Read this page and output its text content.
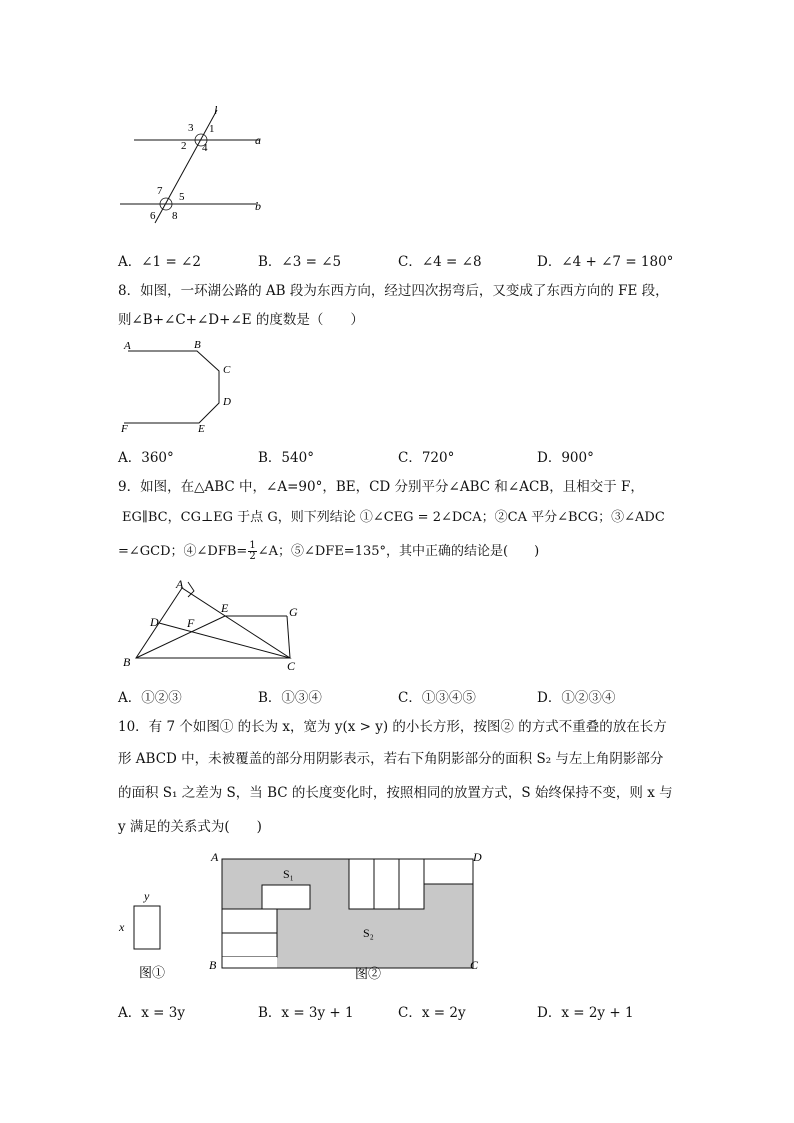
l
a
b
1
2
3
4
5
6
7
8
A．∠1 = ∠2	B．∠3 = ∠5	C．∠4 = ∠8	D．∠4 + ∠7 = 180°
8．如图，一环湖公路的 AB 段为东西方向，经过四次拐弯后，又变成了东西方向的 FE 段，
则∠B+∠C+∠D+∠E 的度数是（　　）
A	B
C
D
E
F
A．360°	B．540°	C．720°	D．900°
9．如图，在△ABC 中，∠A=90°，BE，CD 分别平分∠ABC 和∠ACB，且相交于 F，
EG∥BC，CG⊥EG 于点 G，则下列结论 ①∠CEG = 2∠DCA；②CA 平分∠BCG；③∠ADC
=∠GCD；④∠DFB= $\frac{1}{2}$ ∠A；⑤∠DFE=135°，其中正确的结论是(　　)
A
B	C
D
E
F
G
A．①②③	B．①③④	C．①③④⑤	D．①②③④
10．有 7 个如图① 的长为 x，宽为 y(x > y) 的小长方形，按图② 的方式不重叠的放在长方
形 ABCD 中，未被覆盖的部分用阴影表示，若右下角阴影部分的面积 S₂ 与左上角阴影部分
的面积 S₁ 之差为 S，当 BC 的长度变化时，按照相同的放置方式，S 始终保持不变，则 x 与
y 满足的关系式为(　　)
y
x
图①
S₁
S₂
A
B	C
D
图②
A．x = 3y	B．x = 3y + 1	C．x = 2y	D．x = 2y + 1
